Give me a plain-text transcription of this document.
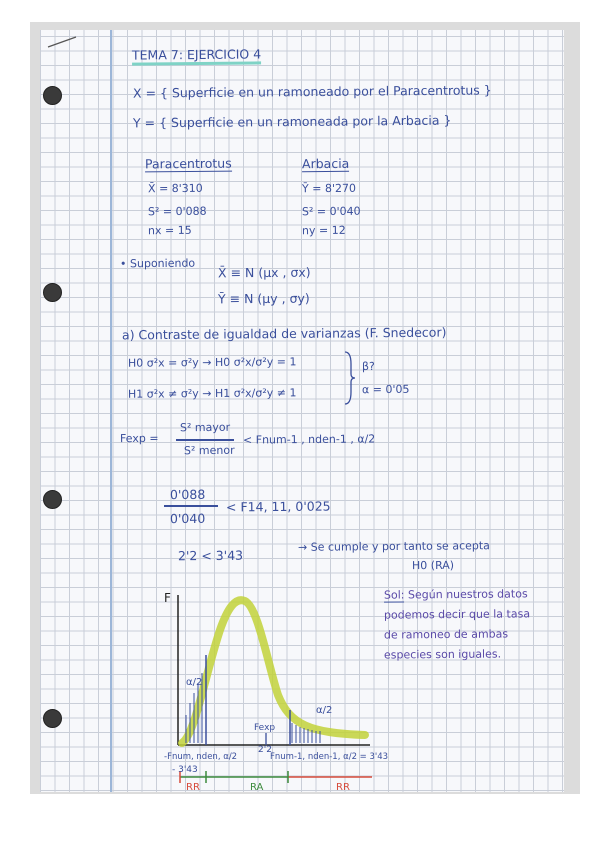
TEMA 7: EJERCICIO 4
X = { Superficie en un ramoneado por el Paracentrotus }
Y = { Superficie en un ramoneada por la Arbacia }
Paracentrotus
X̄ = 8'310
S² = 0'088
nx = 15
Arbacia
Ȳ = 8'270
S² = 0'040
ny = 12
• Suponiendo
X̄ ≡ N (μx , σx)
Ȳ ≡ N (μy , σy)
a) Contraste de igualdad de varianzas (F. Snedecor)
H0 σ²x = σ²y → H0 σ²x/σ²y = 1
H1 σ²x ≠ σ²y → H1 σ²x/σ²y ≠ 1
β?
α = 0'05
Fexp =
S² mayor
S² menor
< Fnum-1 , nden-1 , α/2
0'088
0'040
< F14, 11, 0'025
2'2 < 3'43
→ Se cumple y por tanto se acepta
H0 (RA)
Sol: Según nuestros datos
podemos decir que la tasa
de ramoneo de ambas
especies son iguales.
F
α/2
α/2
Fexp
2'2
-Fnum, nden, α/2
- 3'43
Fnum-1, nden-1, α/2 = 3'43
RR	RA	RR
